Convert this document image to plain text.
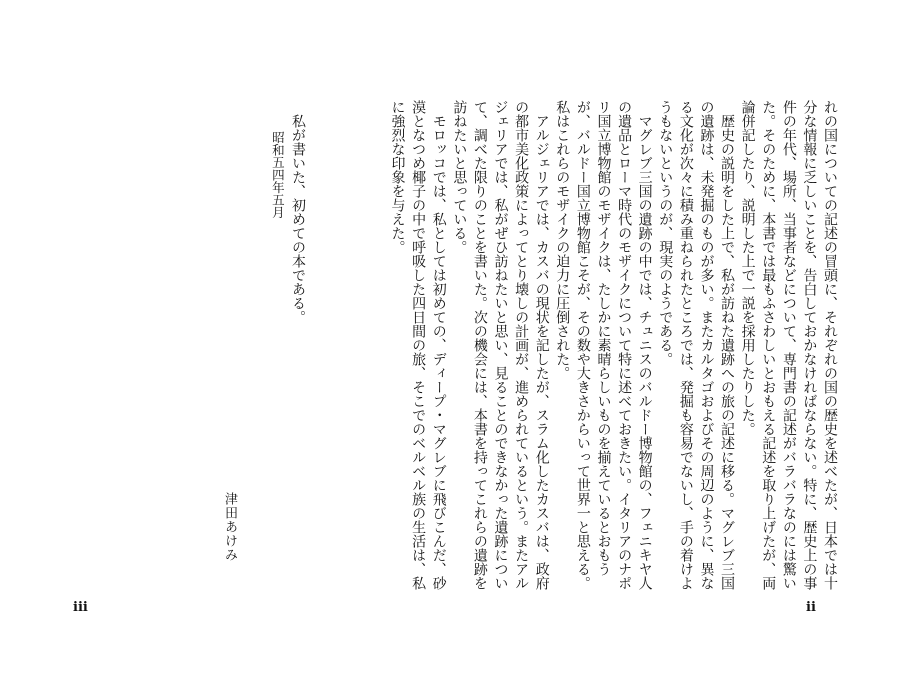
れの国についての記述の冒頭に、それぞれの国の歴史を述べたが、日本では十分な情報に乏しいことを、告白しておかなければならない。特に、歴史上の事件の年代、場所、当事者などについて、専門書の記述がバラバラなのには驚いた。そのために、本書では最もふさわしいとおもえる記述を取り上げたが、両論併記したり、説明した上で一説を採用したりした。

歴史の説明をした上で、私が訪ねた遺跡への旅の記述に移る。マグレブ三国の遺跡は、未発掘のものが多い。またカルタゴおよびその周辺のように、異なる文化が次々に積み重ねられたところでは、発掘も容易でないし、手の着けようもないというのが、現実のようである。

マグレブ三国の遺跡の中では、チュニスのバルドー博物館の、フェニキヤ人の遺品とローマ時代のモザイクについて特に述べておきたい。イタリアのナポリ国立博物館のモザイクは、たしかに素晴らしいものを揃えているとおもうが、バルドー国立博物館こそが、その数や大きさからいって世界一と思える。私はこれらのモザイクの迫力に圧倒された。

アルジェリアでは、カスバの現状を記したが、スラム化したカスバは、政府の都市美化政策によってとり壊しの計画が、進められているという。またアルジェリアでは、私がぜひ訪ねたいと思い、見ることのできなかった遺跡について、調べた限りのことを書いた。次の機会には、本書を持ってこれらの遺跡を訪ねたいと思っている。

モロッコでは、私としては初めての、ディープ・マグレブに飛びこんだ、砂漠となつめ椰子の中で呼吸した四日間の旅、そこでのベルベル族の生活は、私に強烈な印象を与えた。

私が書いた、初めての本である。
昭和五四年五月
津田あけみ
iii	ii
